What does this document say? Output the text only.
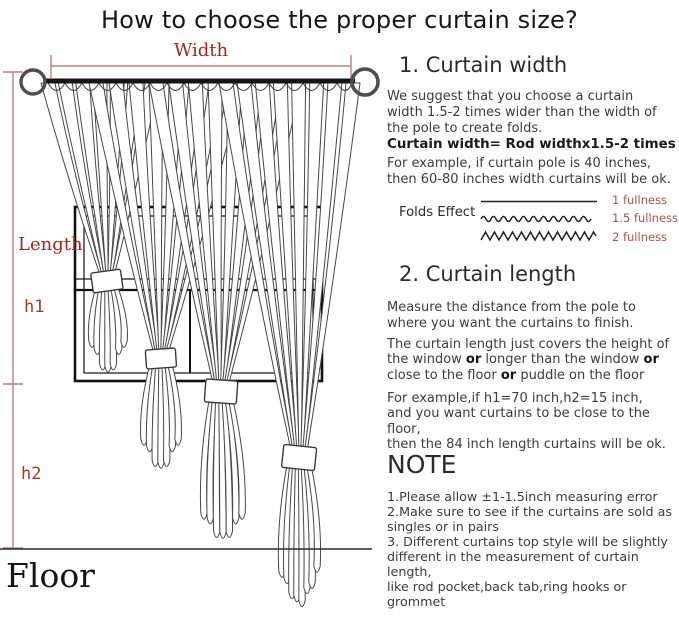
How to choose the proper curtain size?
Width
Length
h1
h2
Floor
1. Curtain width
We suggest that you choose a curtain width 1.5-2 times wider than the width of the pole to create folds.
Curtain width= Rod widthx1.5-2 times
For example, if curtain pole is 40 inches, then 60-80 inches width curtains will be ok.
Folds Effect
1 fullness
1.5 fullness
2 fullness
2. Curtain length
Measure the distance from the pole to where you want the curtains to finish.
The curtain length just covers the height of the window or longer than the window or close to the floor or puddle on the floor
For example,if h1=70 inch,h2=15 inch,
and you want curtains to be close to the floor,
then the 84 inch length curtains will be ok.
NOTE
1.Please allow ±1-1.5inch measuring error
2.Make sure to see if the curtains are sold as
singles or in pairs
3. Different curtains top style will be slightly
different in the measurement of curtain length,
like rod pocket,back tab,ring hooks or grommet
